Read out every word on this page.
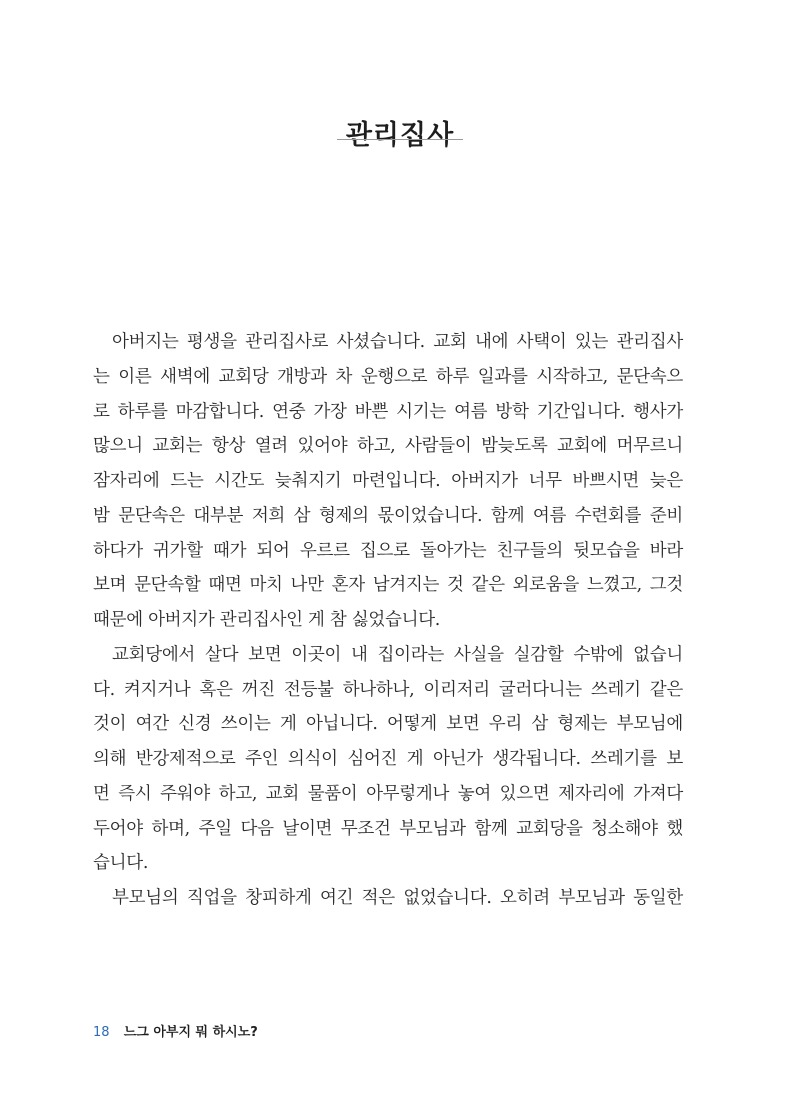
관리집사
아버지는 평생을 관리집사로 사셨습니다. 교회 내에 사택이 있는 관리집사
는 이른 새벽에 교회당 개방과 차 운행으로 하루 일과를 시작하고, 문단속으
로 하루를 마감합니다. 연중 가장 바쁜 시기는 여름 방학 기간입니다. 행사가
많으니 교회는 항상 열려 있어야 하고, 사람들이 밤늦도록 교회에 머무르니
잠자리에 드는 시간도 늦춰지기 마련입니다. 아버지가 너무 바쁘시면 늦은
밤 문단속은 대부분 저희 삼 형제의 몫이었습니다. 함께 여름 수련회를 준비
하다가 귀가할 때가 되어 우르르 집으로 돌아가는 친구들의 뒷모습을 바라
보며 문단속할 때면 마치 나만 혼자 남겨지는 것 같은 외로움을 느꼈고, 그것
때문에 아버지가 관리집사인 게 참 싫었습니다.
교회당에서 살다 보면 이곳이 내 집이라는 사실을 실감할 수밖에 없습니
다. 켜지거나 혹은 꺼진 전등불 하나하나, 이리저리 굴러다니는 쓰레기 같은
것이 여간 신경 쓰이는 게 아닙니다. 어떻게 보면 우리 삼 형제는 부모님에
의해 반강제적으로 주인 의식이 심어진 게 아닌가 생각됩니다. 쓰레기를 보
면 즉시 주워야 하고, 교회 물품이 아무렇게나 놓여 있으면 제자리에 가져다
두어야 하며, 주일 다음 날이면 무조건 부모님과 함께 교회당을 청소해야 했
습니다.
부모님의 직업을 창피하게 여긴 적은 없었습니다. 오히려 부모님과 동일한
18 느그 아부지 뭐 하시노?
